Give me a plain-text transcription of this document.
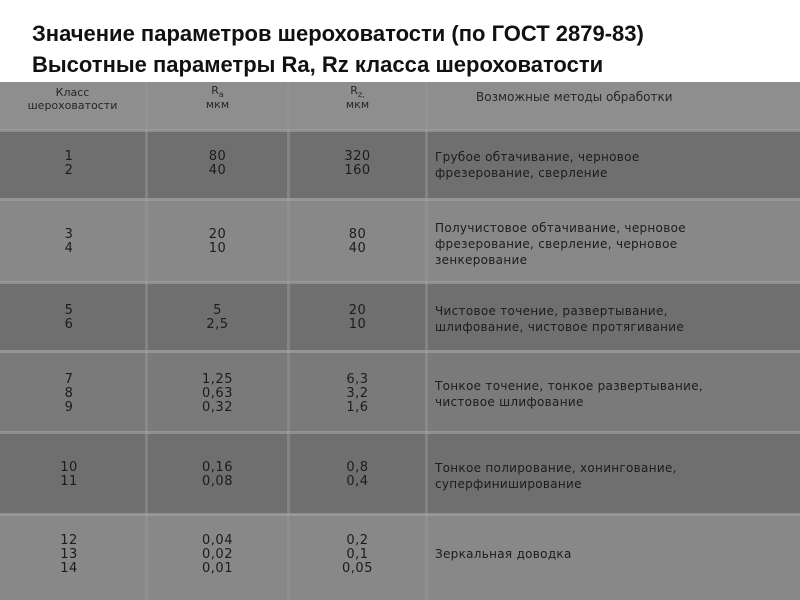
Значение параметров шероховатости (по ГОСТ 2879-83)
Высотные параметры Ra, Rz класса шероховатости
Класс
шероховатости
$R_a$
мкм
$R_{z,}$
мкм
Возможные методы обработки
1
2
80
40
320
160
Грубое обтачивание, черновое
фрезерование, сверление
3
4
20
10
80
40
Получистовое обтачивание, черновое
фрезерование, сверление, черновое
зенкерование
5
6
5
2,5
20
10
Чистовое точение, развертывание,
шлифование, чистовое протягивание
7
8
9
1,25
0,63
0,32
6,3
3,2
1,6
Тонкое точение, тонкое развертывание,
чистовое шлифование
10
11
0,16
0,08
0,8
0,4
Тонкое полирование, хонингование,
суперфиниширование
12
13
14
0,04
0,02
0,01
0,2
0,1
0,05
Зеркальная доводка
